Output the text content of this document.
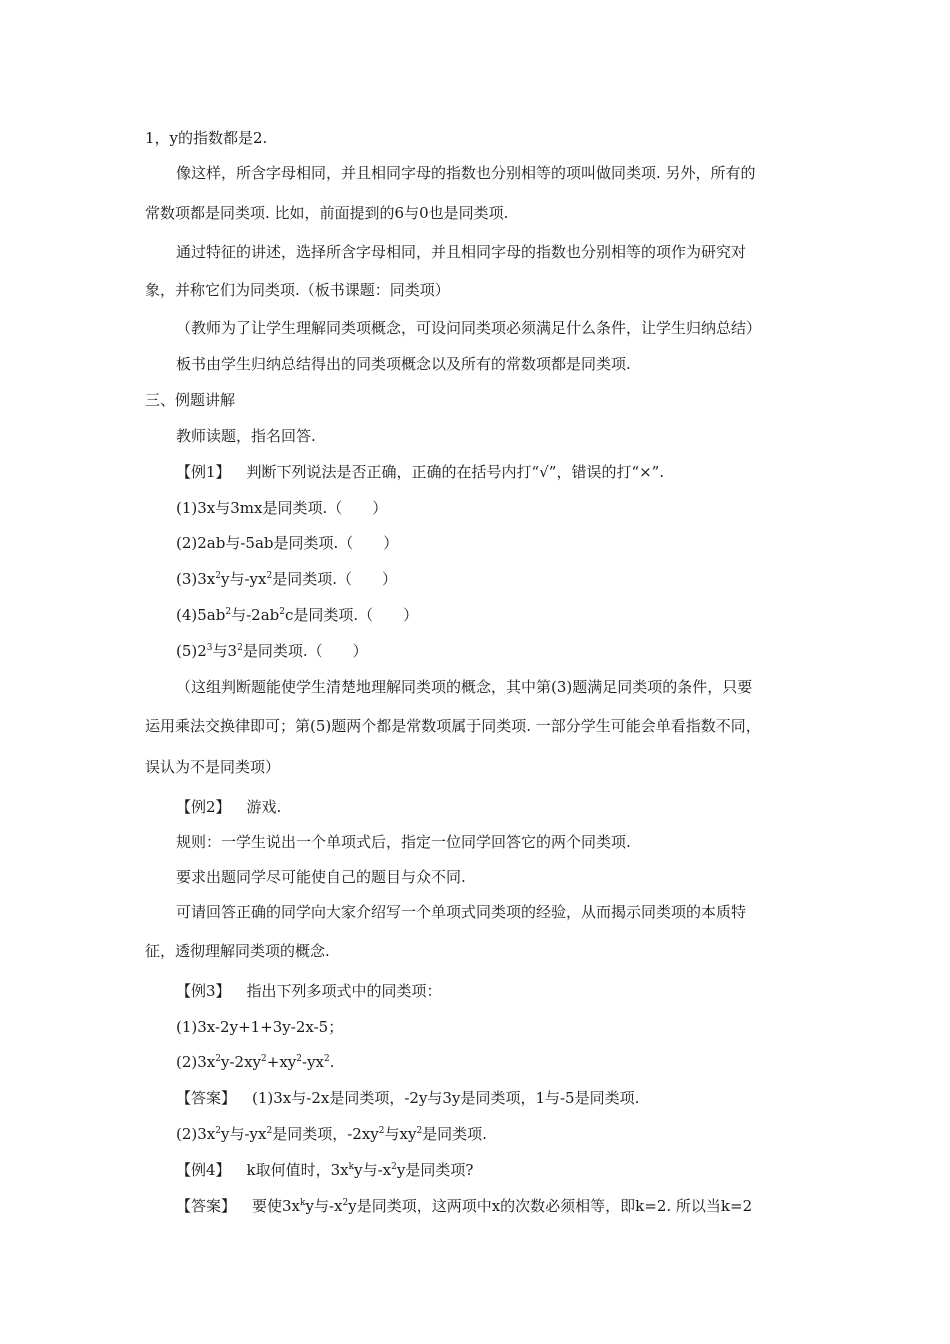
1，y的指数都是2.
像这样，所含字母相同，并且相同字母的指数也分别相等的项叫做同类项. 另外，所有的
常数项都是同类项. 比如，前面提到的6与0也是同类项.
通过特征的讲述，选择所含字母相同，并且相同字母的指数也分别相等的项作为研究对
象，并称它们为同类项.（板书课题：同类项）
（教师为了让学生理解同类项概念，可设问同类项必须满足什么条件，让学生归纳总结）
板书由学生归纳总结得出的同类项概念以及所有的常数项都是同类项.
三、例题讲解
教师读题，指名回答.
【例1】 判断下列说法是否正确，正确的在括号内打“√”，错误的打“×”.
(1)3x与3mx是同类项.（　　）
(2)2ab与-5ab是同类项.（　　）
$(3)3x^2y$与$-yx^2$是同类项.（　　）
$(4)5ab^2$与$-2ab^2c$是同类项.（　　）
$(5)2^3$与$3^2$是同类项.（　　）
（这组判断题能使学生清楚地理解同类项的概念，其中第(3)题满足同类项的条件，只要
运用乘法交换律即可；第(5)题两个都是常数项属于同类项. 一部分学生可能会单看指数不同，
误认为不是同类项）
【例2】 游戏.
规则：一学生说出一个单项式后，指定一位同学回答它的两个同类项.
要求出题同学尽可能使自己的题目与众不同.
可请回答正确的同学向大家介绍写一个单项式同类项的经验，从而揭示同类项的本质特
征，透彻理解同类项的概念.
【例3】 指出下列多项式中的同类项：
(1)3x-2y+1+3y-2x-5；
$(2)3x^2y-2xy^2+xy^2-yx^2$.
【答案】 (1)3x与-2x是同类项，-2y与3y是同类项，1与-5是同类项.
$(2)3x^2y$与$-yx^2$是同类项，$-2xy^2$与$xy^2$是同类项.
【例4】 k取何值时，$3x^ky$与$-x^2y$是同类项?
【答案】 要使$3x^ky$与$-x^2y$是同类项，这两项中x的次数必须相等，即k=2. 所以当k=2
